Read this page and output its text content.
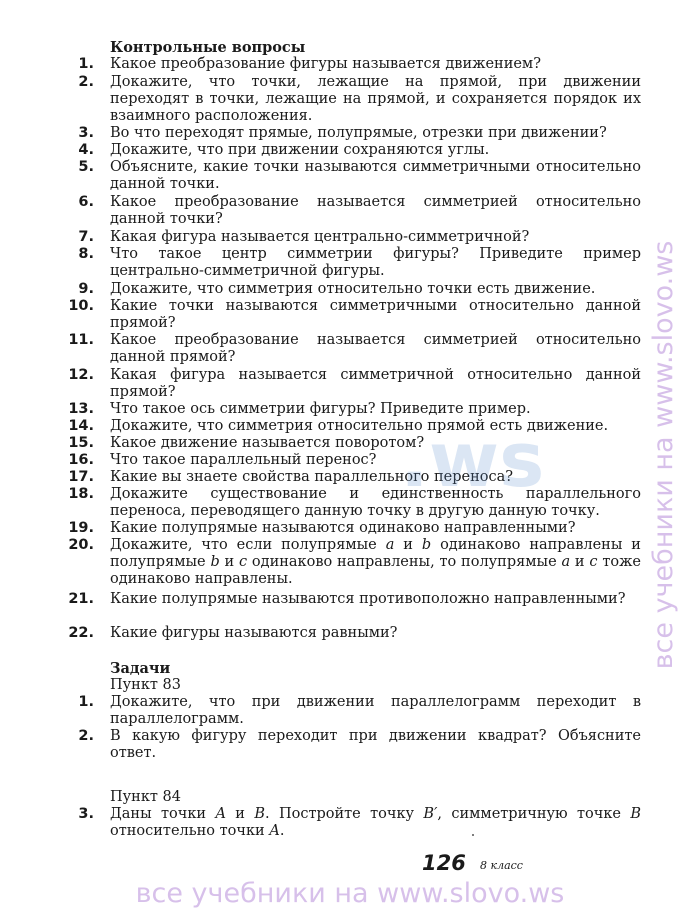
Контрольные вопросы
1. Какое преобразование фигуры называется движением?
2. Докажите, что точки, лежащие на прямой, при движении переходят в точки, лежащие на прямой, и сохраняется порядок их взаимного расположения.
3. Во что переходят прямые, полупрямые, отрезки при движении?
4. Докажите, что при движении сохраняются углы.
5. Объясните, какие точки называются симметричными относительно данной точки.
6. Какое преобразование называется симметрией относительно данной точки?
7. Какая фигура называется центрально-симметричной?
8. Что такое центр симметрии фигуры? Приведите пример центрально-симметричной фигуры.
9. Докажите, что симметрия относительно точки есть движение.
10. Какие точки называются симметричными относительно данной прямой?
11. Какое преобразование называется симметрией относительно данной прямой?
12. Какая фигура называется симметричной относительно данной прямой?
13. Что такое ось симметрии фигуры? Приведите пример.
14. Докажите, что симметрия относительно прямой есть движение.
15. Какое движение называется поворотом?
16. Что такое параллельный перенос?
17. Какие вы знаете свойства параллельного переноса?
18. Докажите существование и единственность параллельного переноса, переводящего данную точку в другую данную точку.
19. Какие полупрямые называются одинаково направленными?
20. Докажите, что если полупрямые a и b одинаково направлены и полупрямые b и c одинаково направлены, то полупрямые a и c тоже одинаково направлены.
21. Какие полупрямые называются противоположно направленными?
22. Какие фигуры называются равными?
Задачи
Пункт 83
1. Докажите, что при движении параллелограмм переходит в параллелограмм.
2. В какую фигуру переходит при движении квадрат? Объясните ответ.
Пункт 84
3. Даны точки A и B. Постройте точку B′, симметричную точке B относительно точки A.
126 8 класс
.ws	все учебники на www.slovo.ws
все учебники на www.slovo.ws
